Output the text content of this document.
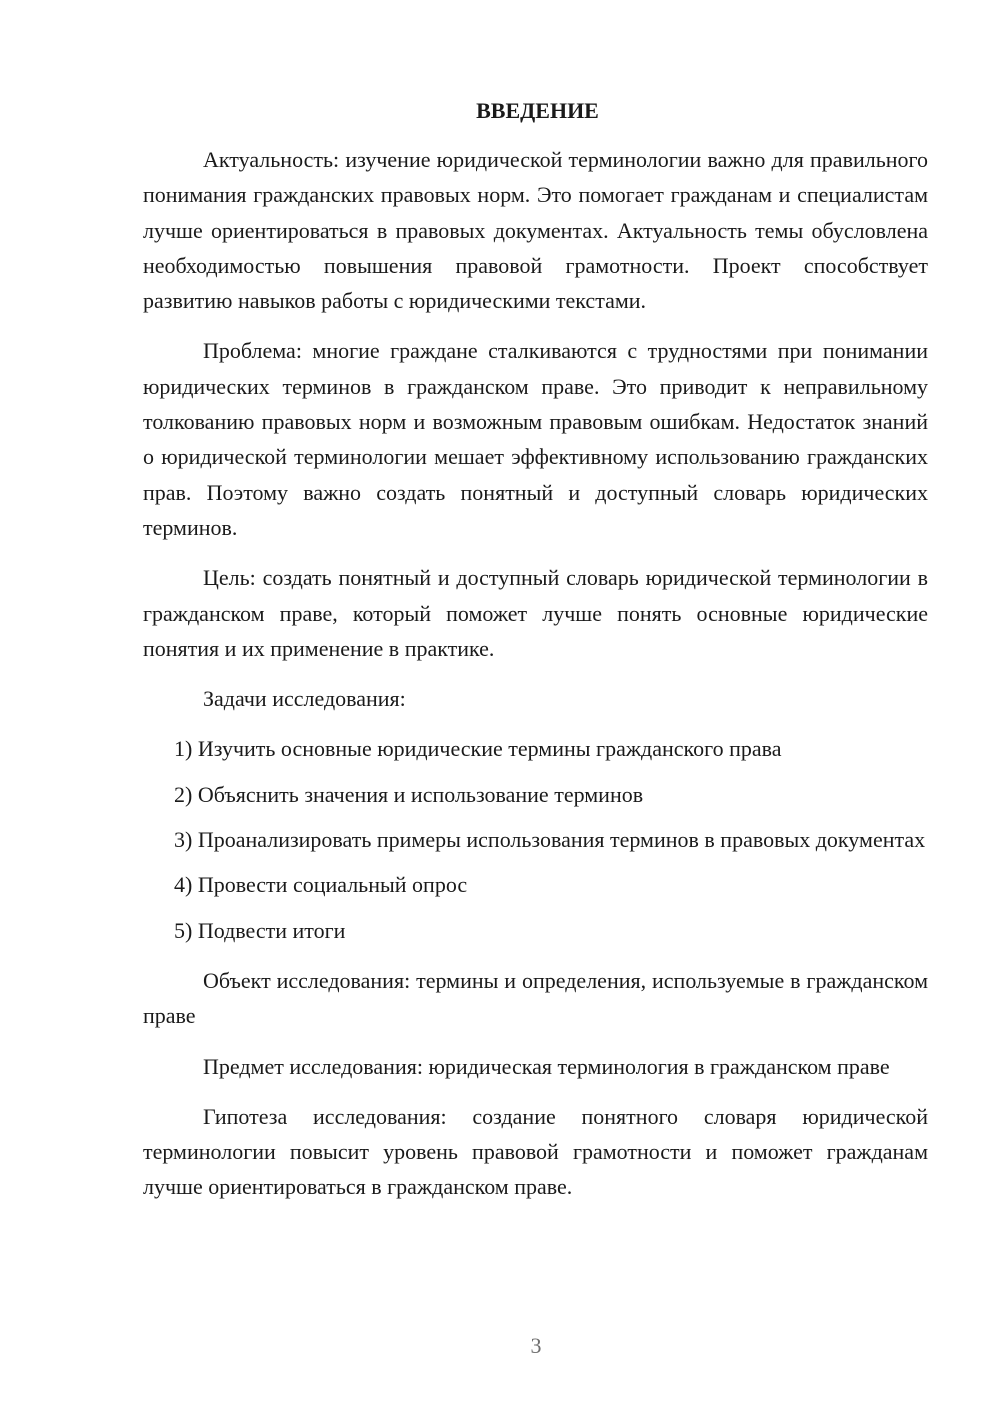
ВВЕДЕНИЕ

Актуальность: изучение юридической терминологии важно для правильного понимания гражданских правовых норм. Это помогает гражданам и специалистам лучше ориентироваться в правовых документах. Актуальность темы обусловлена необходимостью повышения правовой грамотности. Проект способствует развитию навыков работы с юридическими текстами.

Проблема: многие граждане сталкиваются с трудностями при понимании юридических терминов в гражданском праве. Это приводит к неправильному толкованию правовых норм и возможным правовым ошибкам. Недостаток знаний о юридической терминологии мешает эффективному использованию гражданских прав. Поэтому важно создать понятный и доступный словарь юридических терминов.

Цель: создать понятный и доступный словарь юридической терминологии в гражданском праве, который поможет лучше понять основные юридические понятия и их применение в практике.

Задачи исследования:

1) Изучить основные юридические термины гражданского права

2) Объяснить значения и использование терминов

3) Проанализировать примеры использования терминов в правовых документах

4) Провести социальный опрос

5) Подвести итоги

Объект исследования: термины и определения, используемые в гражданском праве

Предмет исследования: юридическая терминология в гражданском праве

Гипотеза исследования: создание понятного словаря юридической терминологии повысит уровень правовой грамотности и поможет гражданам лучше ориентироваться в гражданском праве.

3
